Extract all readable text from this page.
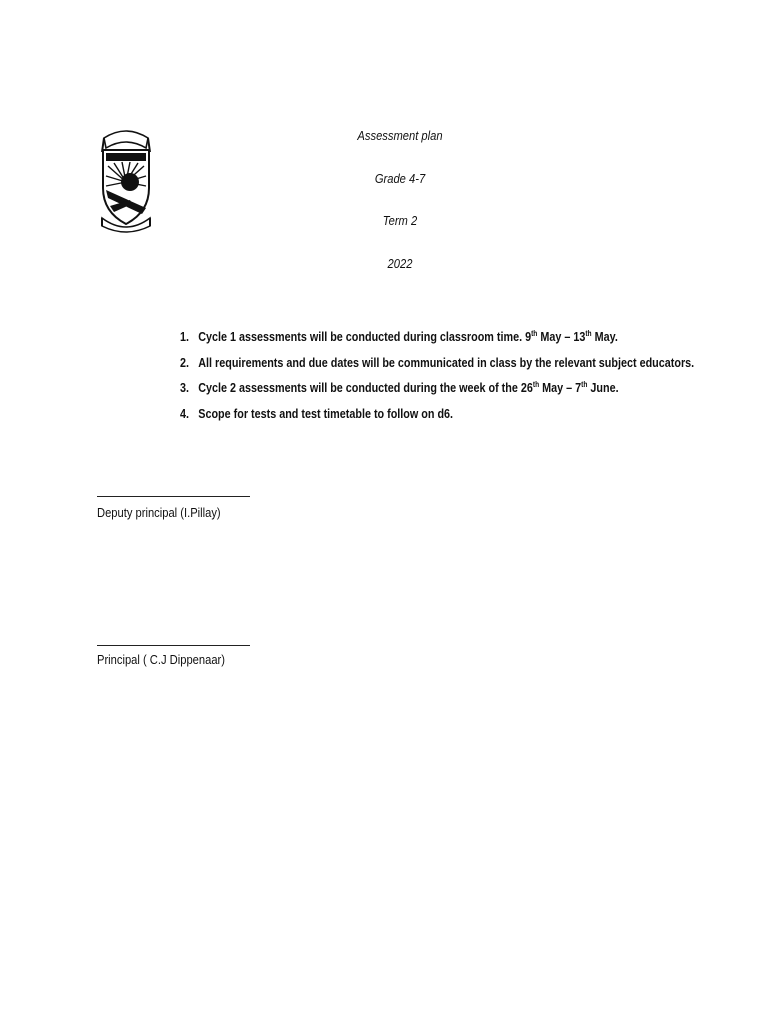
Assessment plan
Grade 4-7
Term 2
2022
1. Cycle 1 assessments will be conducted during classroom time. 9th May – 13th May.
2. All requirements and due dates will be communicated in class by the relevant subject educators.
3. Cycle 2 assessments will be conducted during the week of the 26th May – 7th June.
4. Scope for tests and test timetable to follow on d6.
Deputy principal (I.Pillay)
Principal ( C.J Dippenaar)
